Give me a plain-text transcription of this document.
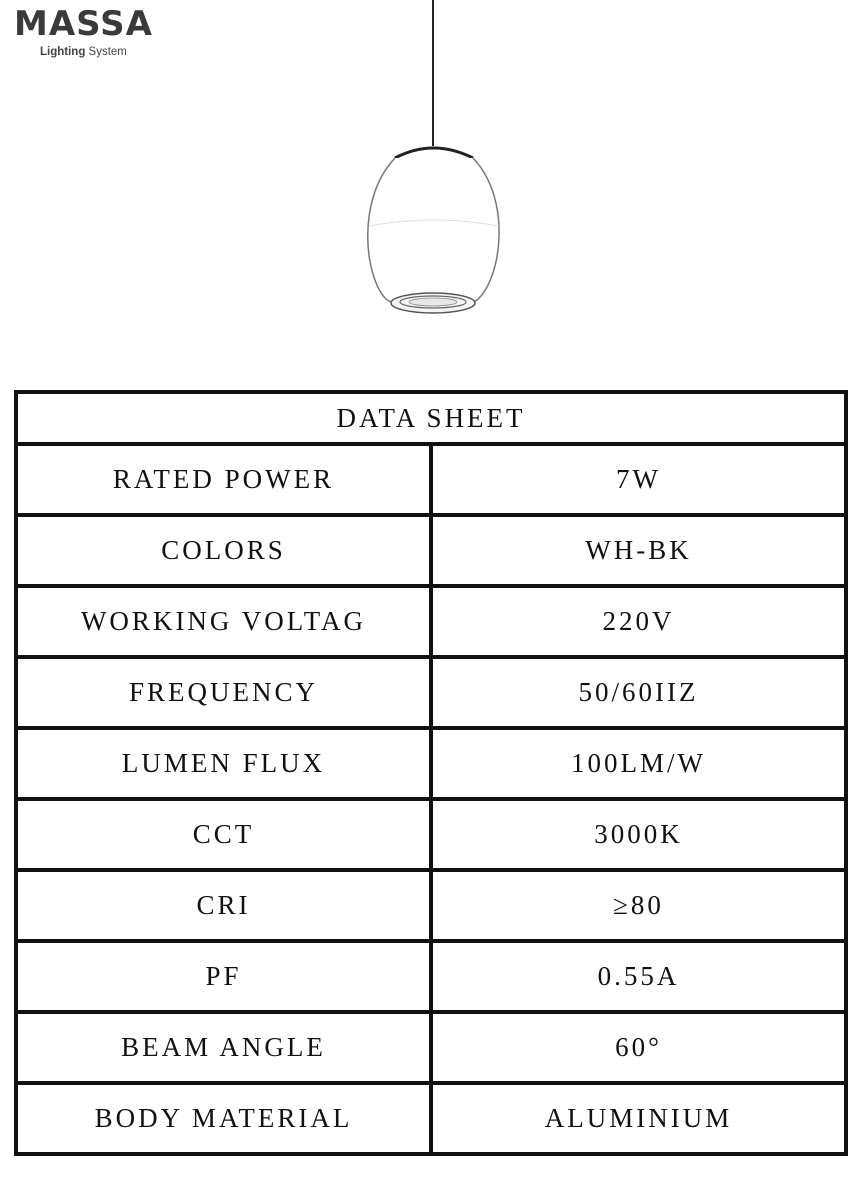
MASSA
Lighting System
DATA SHEET	
RATED POWER	7W
COLORS	WH-BK
WORKING VOLTAG	220V
FREQUENCY	50/60IIZ
LUMEN FLUX	100LM/W
CCT	3000K
CRI	≥80
PF	0.55A
BEAM ANGLE	60°
BODY MATERIAL	ALUMINIUM
